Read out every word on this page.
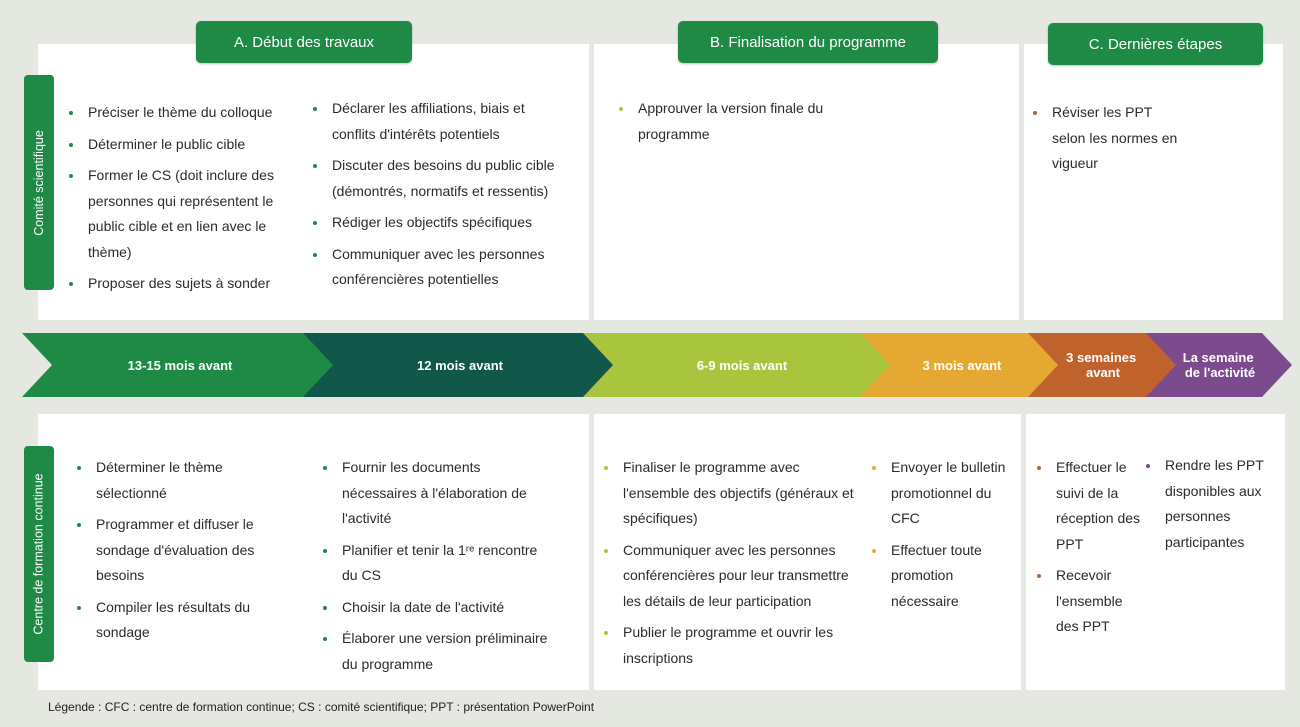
A. Début des travaux	B. Finalisation du programme	C. Dernières étapes
Comité scientifique
Centre de formation continue
Préciser le thème du colloque
Déterminer le public cible
Former le CS (doit inclure des personnes qui représentent le public cible et en lien avec le thème)
Proposer des sujets à sonder
Déclarer les affiliations, biais et conflits d'intérêts potentiels
Discuter des besoins du public cible (démontrés, normatifs et ressentis)
Rédiger les objectifs spécifiques
Communiquer avec les personnes conférencières potentielles
Approuver la version finale du programme
Réviser les PPT selon les normes en vigueur
13-15 mois avant	12 mois avant	6-9 mois avant	3 mois avant
3 semaines avant
La semaine de l'activité
Déterminer le thème sélectionné
Programmer et diffuser le sondage d'évaluation des besoins
Compiler les résultats du sondage
Fournir les documents nécessaires à l'élaboration de l'activité
Planifier et tenir la 1ʳᵉ rencontre du CS
Choisir la date de l'activité
Élaborer une version préliminaire du programme
Finaliser le programme avec l'ensemble des objectifs (généraux et spécifiques)
Communiquer avec les personnes conférencières pour leur transmettre les détails de leur participation
Publier le programme et ouvrir les inscriptions
Envoyer le bulletin promotionnel du CFC
Effectuer toute promotion nécessaire
Effectuer le suivi de la réception des PPT
Recevoir l'ensemble des PPT
Rendre les PPT disponibles aux personnes participantes
Légende : CFC : centre de formation continue; CS : comité scientifique; PPT : présentation PowerPoint
